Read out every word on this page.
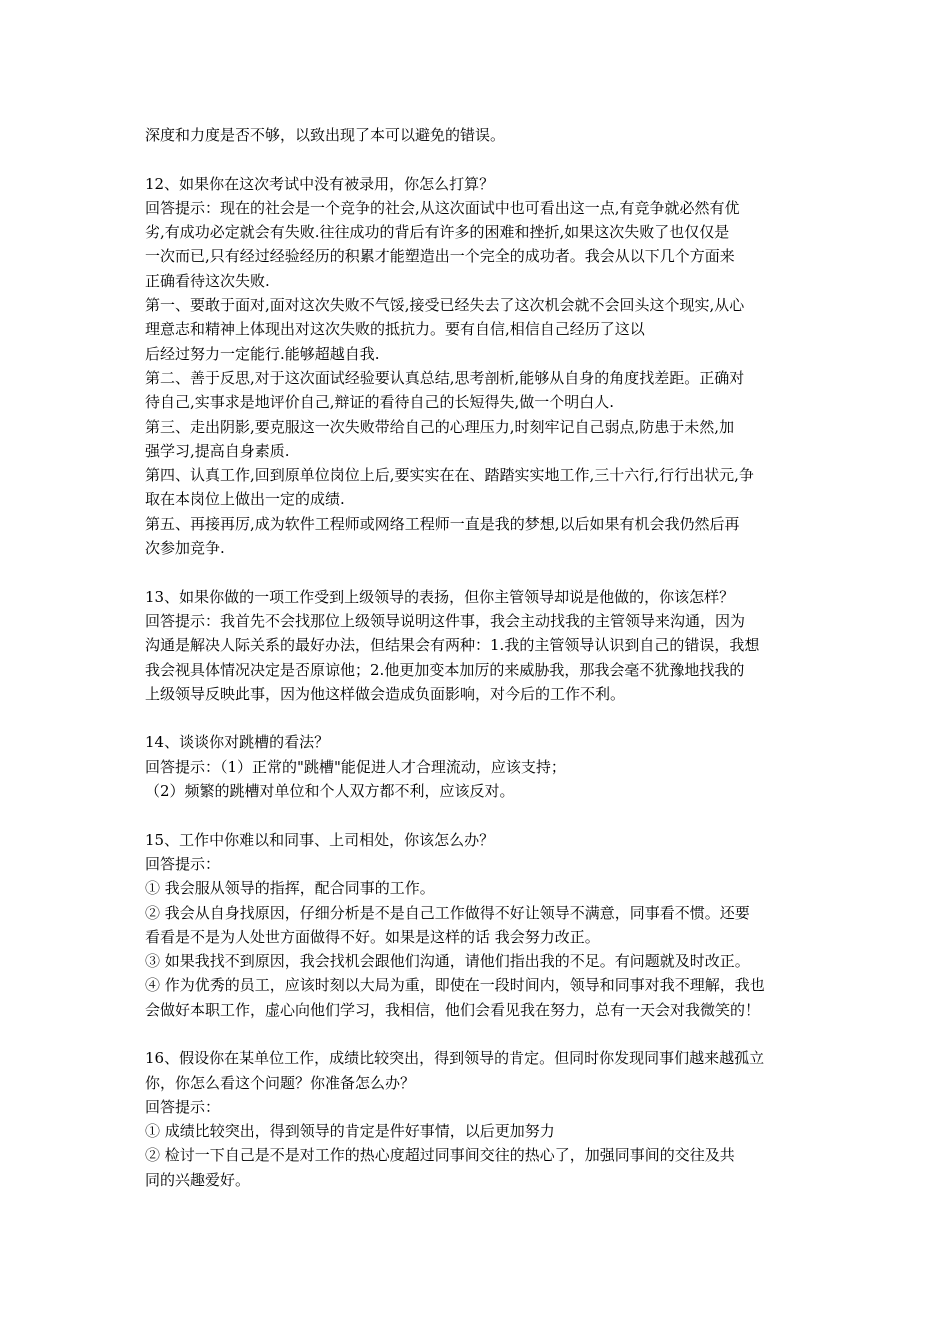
深度和力度是否不够，以致出现了本可以避免的错误。
12、如果你在这次考试中没有被录用，你怎么打算？
回答提示：现在的社会是一个竞争的社会,从这次面试中也可看出这一点,有竞争就必然有优
劣,有成功必定就会有失败.往往成功的背后有许多的困难和挫折,如果这次失败了也仅仅是
一次而已,只有经过经验经历的积累才能塑造出一个完全的成功者。我会从以下几个方面来
正确看待这次失败.
第一、要敢于面对,面对这次失败不气馁,接受已经失去了这次机会就不会回头这个现实,从心
理意志和精神上体现出对这次失败的抵抗力。要有自信,相信自己经历了这以
后经过努力一定能行.能够超越自我.
第二、善于反思,对于这次面试经验要认真总结,思考剖析,能够从自身的角度找差距。正确对
待自己,实事求是地评价自己,辩证的看待自己的长短得失,做一个明白人.
第三、走出阴影,要克服这一次失败带给自己的心理压力,时刻牢记自己弱点,防患于未然,加
强学习,提高自身素质.
第四、认真工作,回到原单位岗位上后,要实实在在、踏踏实实地工作,三十六行,行行出状元,争
取在本岗位上做出一定的成绩.
第五、再接再厉,成为软件工程师或网络工程师一直是我的梦想,以后如果有机会我仍然后再
次参加竞争.
13、如果你做的一项工作受到上级领导的表扬，但你主管领导却说是他做的，你该怎样？
回答提示：我首先不会找那位上级领导说明这件事，我会主动找我的主管领导来沟通，因为
沟通是解决人际关系的最好办法，但结果会有两种：1.我的主管领导认识到自己的错误，我想
我会视具体情况决定是否原谅他；2.他更加变本加厉的来威胁我，那我会毫不犹豫地找我的
上级领导反映此事，因为他这样做会造成负面影响，对今后的工作不利。
14、谈谈你对跳槽的看法？
回答提示：（1）正常的"跳槽"能促进人才合理流动，应该支持；
（2）频繁的跳槽对单位和个人双方都不利，应该反对。
15、工作中你难以和同事、上司相处，你该怎么办？
回答提示：
① 我会服从领导的指挥，配合同事的工作。
② 我会从自身找原因，仔细分析是不是自己工作做得不好让领导不满意，同事看不惯。还要
看看是不是为人处世方面做得不好。如果是这样的话 我会努力改正。
③ 如果我找不到原因，我会找机会跟他们沟通，请他们指出我的不足。有问题就及时改正。
④ 作为优秀的员工，应该时刻以大局为重，即使在一段时间内，领导和同事对我不理解，我也
会做好本职工作，虚心向他们学习，我相信，他们会看见我在努力，总有一天会对我微笑的！
16、假设你在某单位工作，成绩比较突出，得到领导的肯定。但同时你发现同事们越来越孤立
你，你怎么看这个问题？你准备怎么办？
回答提示：
① 成绩比较突出，得到领导的肯定是件好事情，以后更加努力
② 检讨一下自己是不是对工作的热心度超过同事间交往的热心了，加强同事间的交往及共
同的兴趣爱好。
